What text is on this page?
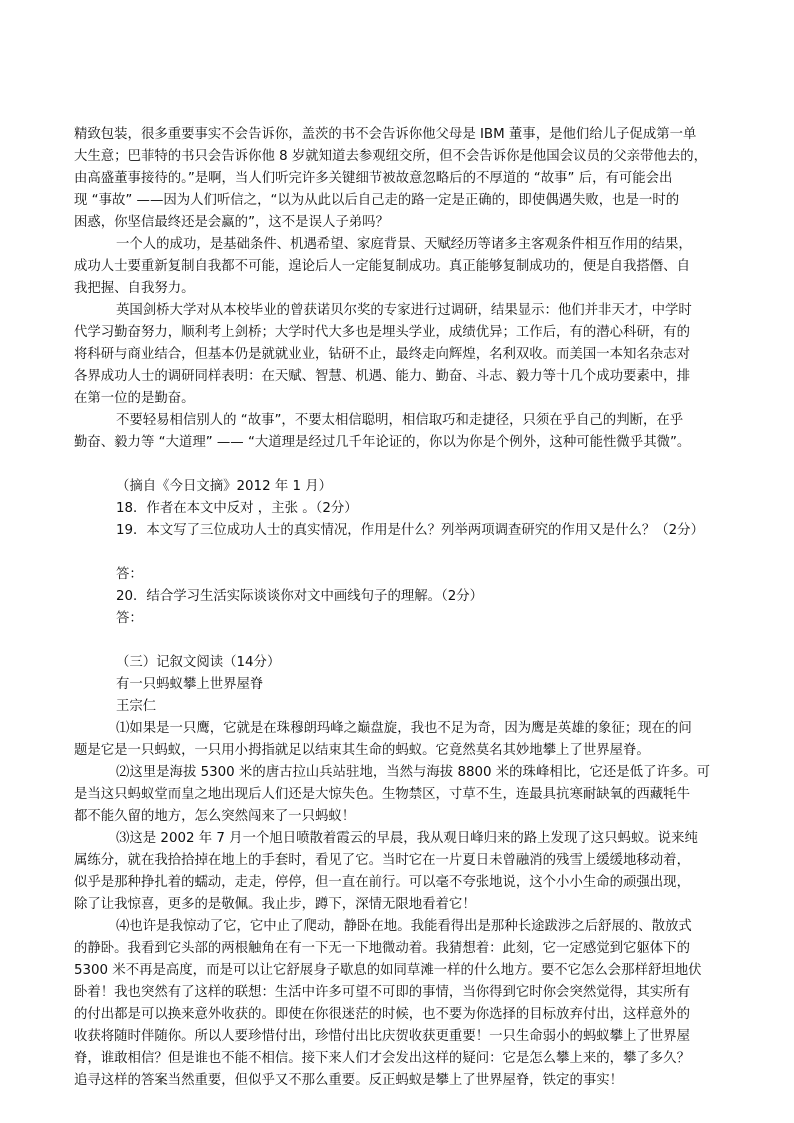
精致包装，很多重要事实不会告诉你，盖茨的书不会告诉你他父母是 IBM 董事，是他们给儿子促成第一单
大生意；巴菲特的书只会告诉你他 8 岁就知道去参观纽交所，但不会告诉你是他国会议员的父亲带他去的，
由高盛董事接待的。”是啊，当人们听完许多关键细节被故意忽略后的不厚道的 “故事” 后，有可能会出
现 “事故” ——因为人们听信之，“以为从此以后自己走的路一定是正确的，即使偶遇失败，也是一时的
困惑，你坚信最终还是会赢的”，这不是误人子弟吗？
一个人的成功，是基础条件、机遇希望、家庭背景、天赋经历等诸多主客观条件相互作用的结果，
成功人士要重新复制自我都不可能，遑论后人一定能复制成功。真正能够复制成功的，便是自我搭僭、自
我把握、自我努力。
英国剑桥大学对从本校毕业的曾获诺贝尔奖的专家进行过调研，结果显示：他们并非天才，中学时
代学习勤奋努力，顺利考上剑桥；大学时代大多也是埋头学业，成绩优异；工作后，有的潜心科研，有的
将科研与商业结合，但基本仍是就就业业，钻研不止，最终走向辉煌，名利双收。而美国一本知名杂志对
各界成功人士的调研同样表明：在天赋、智慧、机遇、能力、勤奋、斗志、毅力等十几个成功要素中，排
在第一位的是勤奋。
不要轻易相信别人的 “故事”，不要太相信聪明，相信取巧和走捷径，只须在乎自己的判断，在乎
勤奋、毅力等 “大道理” —— “大道理是经过几千年论证的，你以为你是个例外，这种可能性微乎其微”。
（摘自《今日文摘》2012 年 1 月）
18．作者在本文中反对 ，主张 。（2分）
19．本文写了三位成功人士的真实情况，作用是什么？列举两项调查研究的作用又是什么？（2分）
答：
20．结合学习生活实际谈谈你对文中画线句子的理解。（2分）
答：
（三）记叙文阅读（14分）
有一只蚂蚁攀上世界屋脊
王宗仁
⑴如果是一只鹰，它就是在珠穆朗玛峰之巅盘旋，我也不足为奇，因为鹰是英雄的象征；现在的问
题是它是一只蚂蚁，一只用小拇指就足以结束其生命的蚂蚁。它竟然莫名其妙地攀上了世界屋脊。
⑵这里是海拔 5300 米的唐古拉山兵站驻地，当然与海拔 8800 米的珠峰相比，它还是低了许多。可
是当这只蚂蚁堂而皇之地出现后人们还是大惊失色。生物禁区，寸草不生，连最具抗寒耐缺氧的西藏牦牛
都不能久留的地方，怎么突然闯来了一只蚂蚁！
⑶这是 2002 年 7 月一个旭日喷散着霞云的早晨，我从观日峰归来的路上发现了这只蚂蚁。说来纯
属练分，就在我拾拾掉在地上的手套时，看见了它。当时它在一片夏日未曾融消的残雪上缓缓地移动着，
似乎是那种挣扎着的蠕动，走走，停停，但一直在前行。可以毫不夸张地说，这个小小生命的顽强出现，
除了让我惊喜，更多的是敬佩。我止步，蹲下，深情无限地看着它！
⑷也许是我惊动了它，它中止了爬动，静卧在地。我能看得出是那种长途跋涉之后舒展的、散放式
的静卧。我看到它头部的两根触角在有一下无一下地微动着。我猜想着：此刻，它一定感觉到它躯体下的
5300 米不再是高度，而是可以让它舒展身子歇息的如同草滩一样的什么地方。要不它怎么会那样舒坦地伏
卧着！我也突然有了这样的联想：生活中许多可望不可即的事情，当你得到它时你会突然觉得，其实所有
的付出都是可以换来意外收获的。即使在你很迷茫的时候，也不要为你选择的目标放弃付出，这样意外的
收获将随时伴随你。所以人要珍惜付出，珍惜付出比庆贺收获更重要！一只生命弱小的蚂蚁攀上了世界屋
脊，谁敢相信？但是谁也不能不相信。接下来人们才会发出这样的疑问：它是怎么攀上来的，攀了多久？
追寻这样的答案当然重要，但似乎又不那么重要。反正蚂蚁是攀上了世界屋脊，铁定的事实！
